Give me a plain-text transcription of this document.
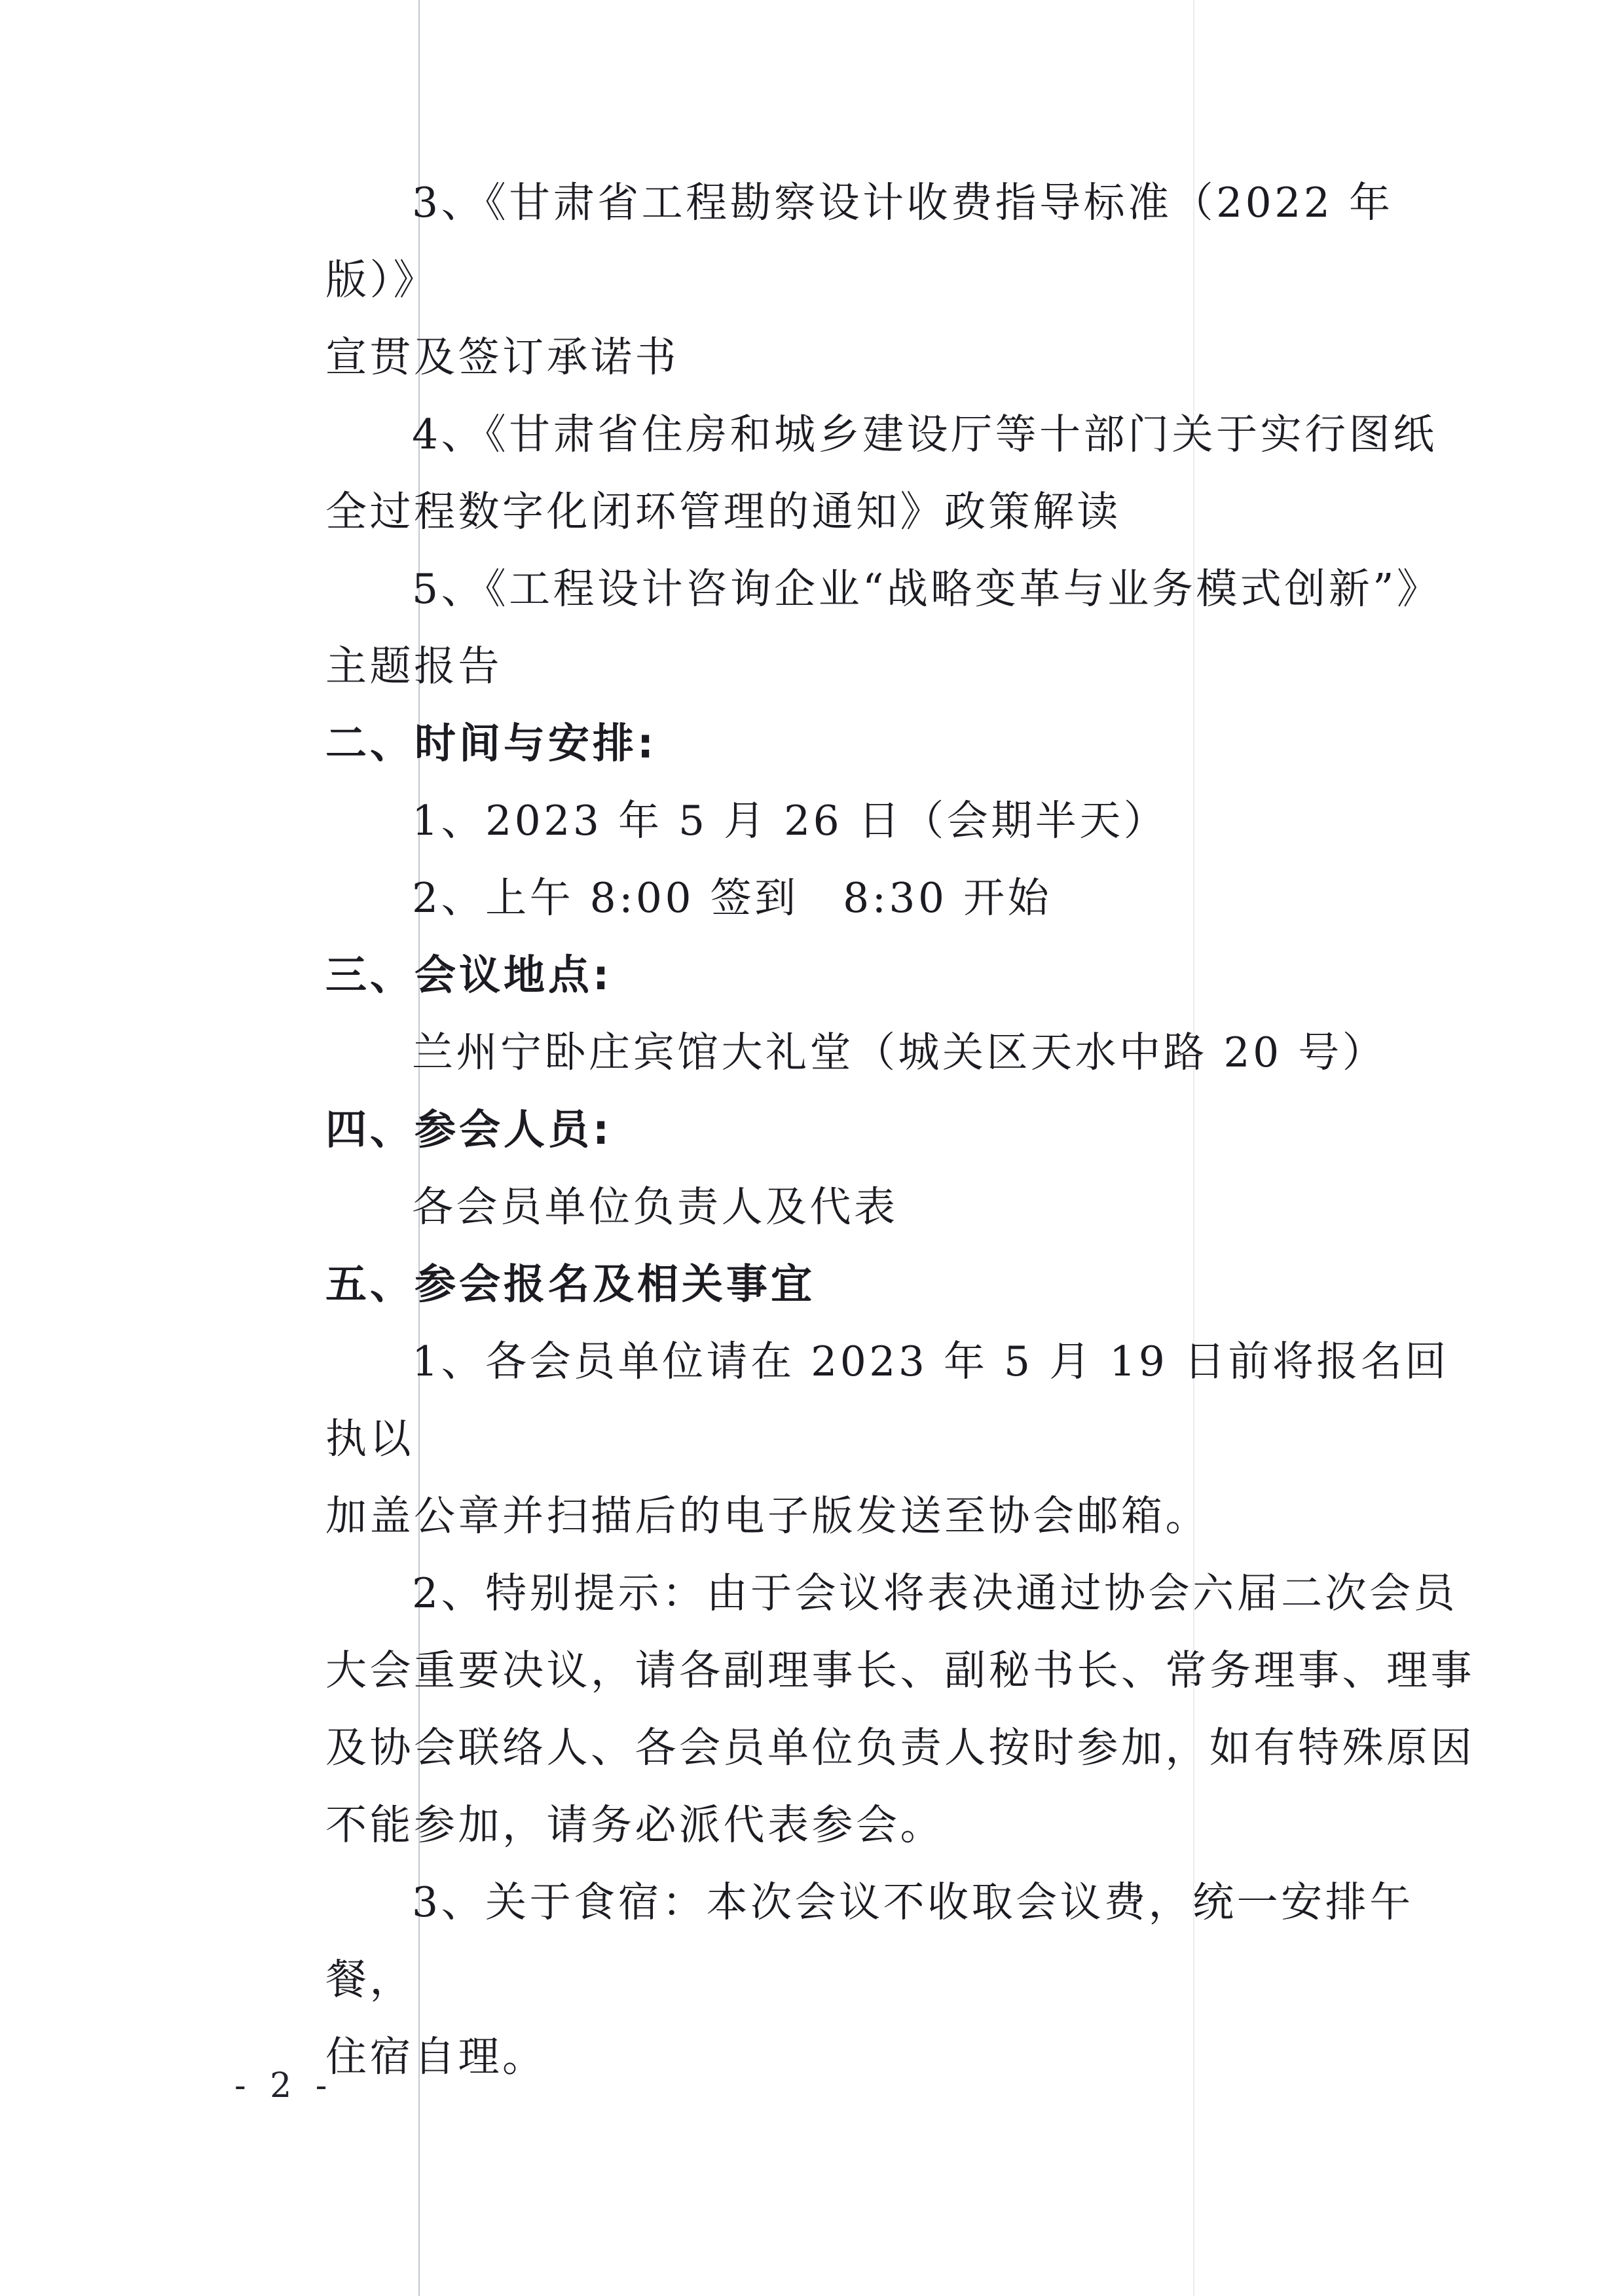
3、《甘肃省工程勘察设计收费指导标准（2022 年版）》
宣贯及签订承诺书
4、《甘肃省住房和城乡建设厅等十部门关于实行图纸
全过程数字化闭环管理的通知》政策解读
5、《工程设计咨询企业“战略变革与业务模式创新”》
主题报告
二、时间与安排:
1、2023 年 5 月 26 日（会期半天）
2、上午 8:00 签到　8:30 开始
三、会议地点:
兰州宁卧庄宾馆大礼堂（城关区天水中路 20 号）
四、参会人员:
各会员单位负责人及代表
五、参会报名及相关事宜
1、各会员单位请在 2023 年 5 月 19 日前将报名回执以
加盖公章并扫描后的电子版发送至协会邮箱。
2、特别提示：由于会议将表决通过协会六届二次会员
大会重要决议，请各副理事长、副秘书长、常务理事、理事
及协会联络人、各会员单位负责人按时参加，如有特殊原因
不能参加，请务必派代表参会。
3、关于食宿：本次会议不收取会议费，统一安排午餐，
住宿自理。
- 2 -
